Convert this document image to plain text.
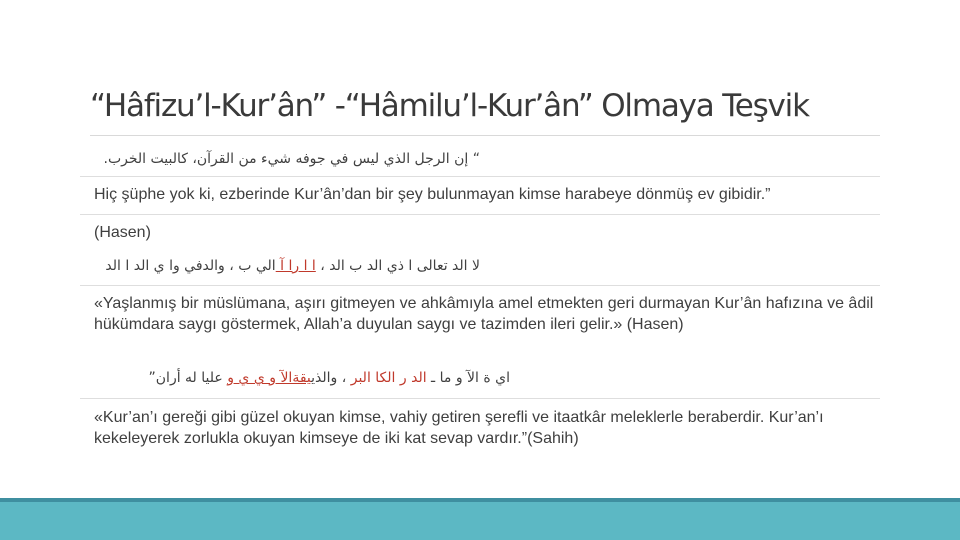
“Hâfizu’l-Kur’ân” -“Hâmilu’l-Kur’ân” Olmaya Teşvik
“ إن الرجل الذي ليس في جوفه شيء من القرآن، كالبيت الخرب.
Hiç şüphe yok ki, ezberinde Kur’ân’dan bir şey bulunmayan kimse harabeye dönmüş ev gibidir.”
(Hasen)
لا الد تعالى ا ذي الد ب الد ، ا ا را آ الي ب ، والدفي وا ي الد ا الد
«Yaşlanmış bir müslümana, aşırı gitmeyen ve ahkâmıyla amel etmekten geri durmayan Kur’ân hafızına ve âdil hükümdara saygı göstermek, Allah’a duyulan saygı ve tazimden ileri gelir.» (Hasen)
اي ة الآ و ما ـ الد ر الكا البر ، والذييقةالآ و ي ي و عليا له أران”
«Kur’an’ı gereği gibi güzel okuyan kimse, vahiy getiren şerefli ve itaatkâr meleklerle beraberdir. Kur’an’ı kekeleyerek zorlukla okuyan kimseye de iki kat sevap vardır.”(Sahih)
